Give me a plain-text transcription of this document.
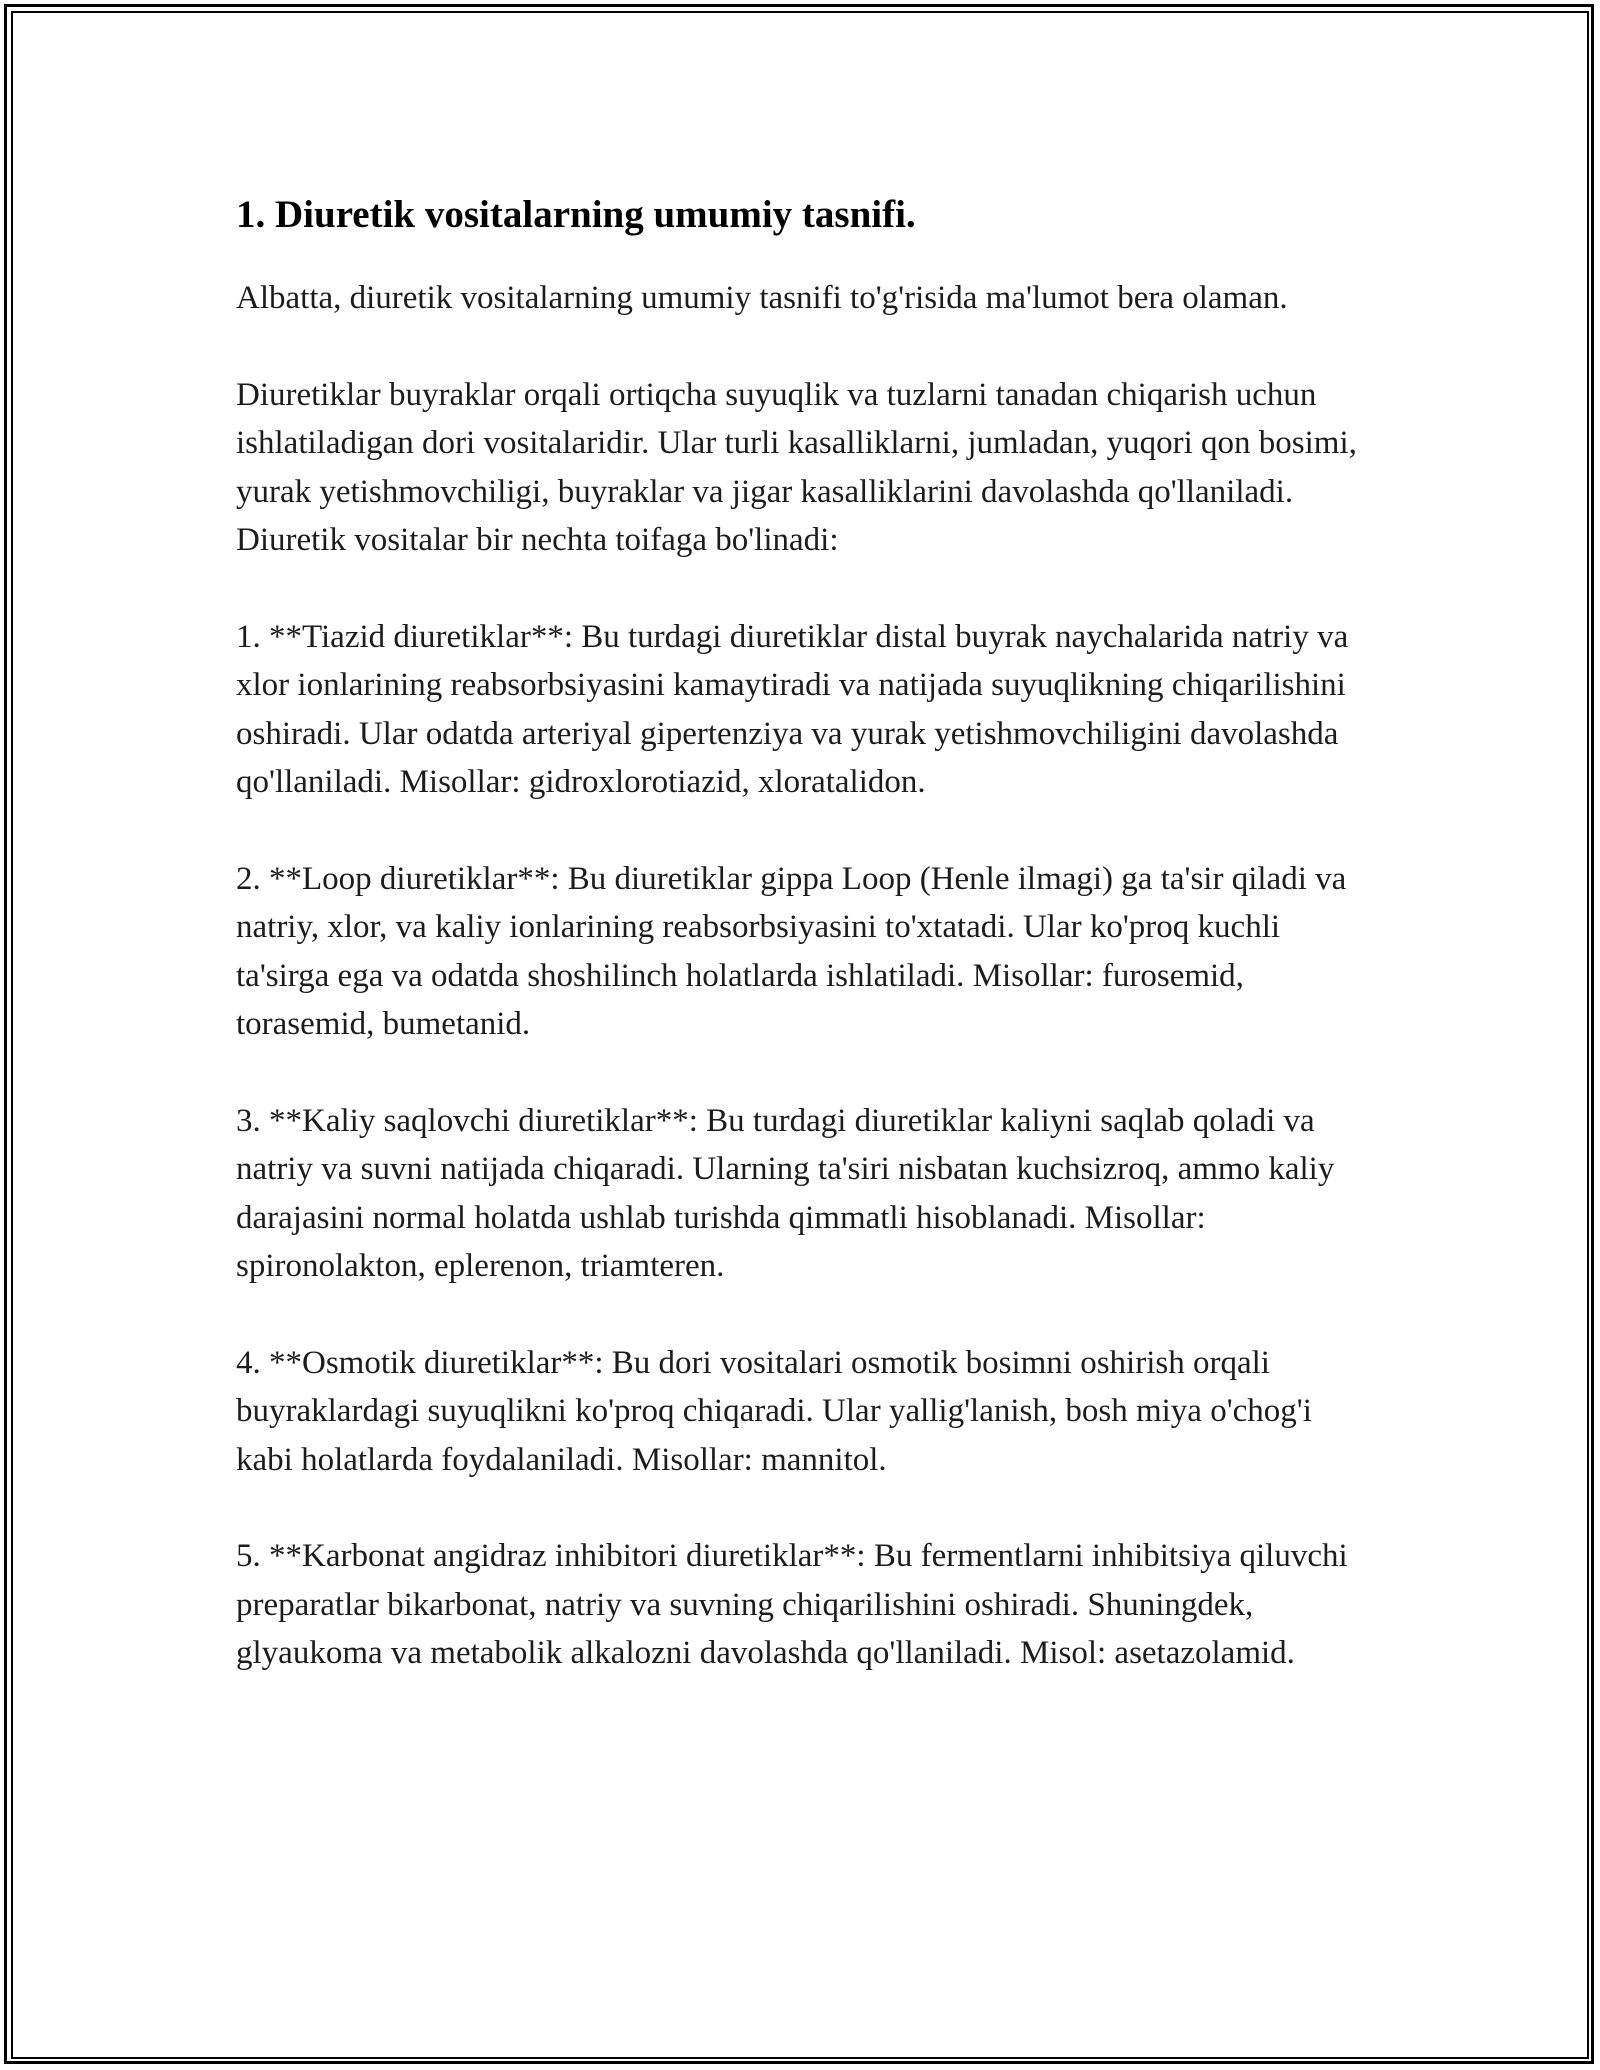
1. Diuretik vositalarning umumiy tasnifi.

Albatta, diuretik vositalarning umumiy tasnifi to'g'risida ma'lumot bera olaman.

Diuretiklar buyraklar orqali ortiqcha suyuqlik va tuzlarni tanadan chiqarish uchun ishlatiladigan dori vositalaridir. Ular turli kasalliklarni, jumladan, yuqori qon bosimi, yurak yetishmovchiligi, buyraklar va jigar kasalliklarini davolashda qo'llaniladi. Diuretik vositalar bir nechta toifaga bo'linadi:

1. **Tiazid diuretiklar**: Bu turdagi diuretiklar distal buyrak naychalarida natriy va xlor ionlarining reabsorbsiyasini kamaytiradi va natijada suyuqlikning chiqarilishini oshiradi. Ular odatda arteriyal gipertenziya va yurak yetishmovchiligini davolashda qo'llaniladi. Misollar: gidroxlorotiazid, xloratalidon.

2. **Loop diuretiklar**: Bu diuretiklar gippa Loop (Henle ilmagi) ga ta'sir qiladi va natriy, xlor, va kaliy ionlarining reabsorbsiyasini to'xtatadi. Ular ko'proq kuchli ta'sirga ega va odatda shoshilinch holatlarda ishlatiladi. Misollar: furosemid, torasemid, bumetanid.

3. **Kaliy saqlovchi diuretiklar**: Bu turdagi diuretiklar kaliyni saqlab qoladi va natriy va suvni natijada chiqaradi. Ularning ta'siri nisbatan kuchsizroq, ammo kaliy darajasini normal holatda ushlab turishda qimmatli hisoblanadi. Misollar: spironolakton, eplerenon, triamteren.

4. **Osmotik diuretiklar**: Bu dori vositalari osmotik bosimni oshirish orqali buyraklardagi suyuqlikni ko'proq chiqaradi. Ular yallig'lanish, bosh miya o'chog'i kabi holatlarda foydalaniladi. Misollar: mannitol.

5. **Karbonat angidraz inhibitori diuretiklar**: Bu fermentlarni inhibitsiya qiluvchi preparatlar bikarbonat, natriy va suvning chiqarilishini oshiradi. Shuningdek, glyaukoma va metabolik alkalozni davolashda qo'llaniladi. Misol: asetazolamid.
